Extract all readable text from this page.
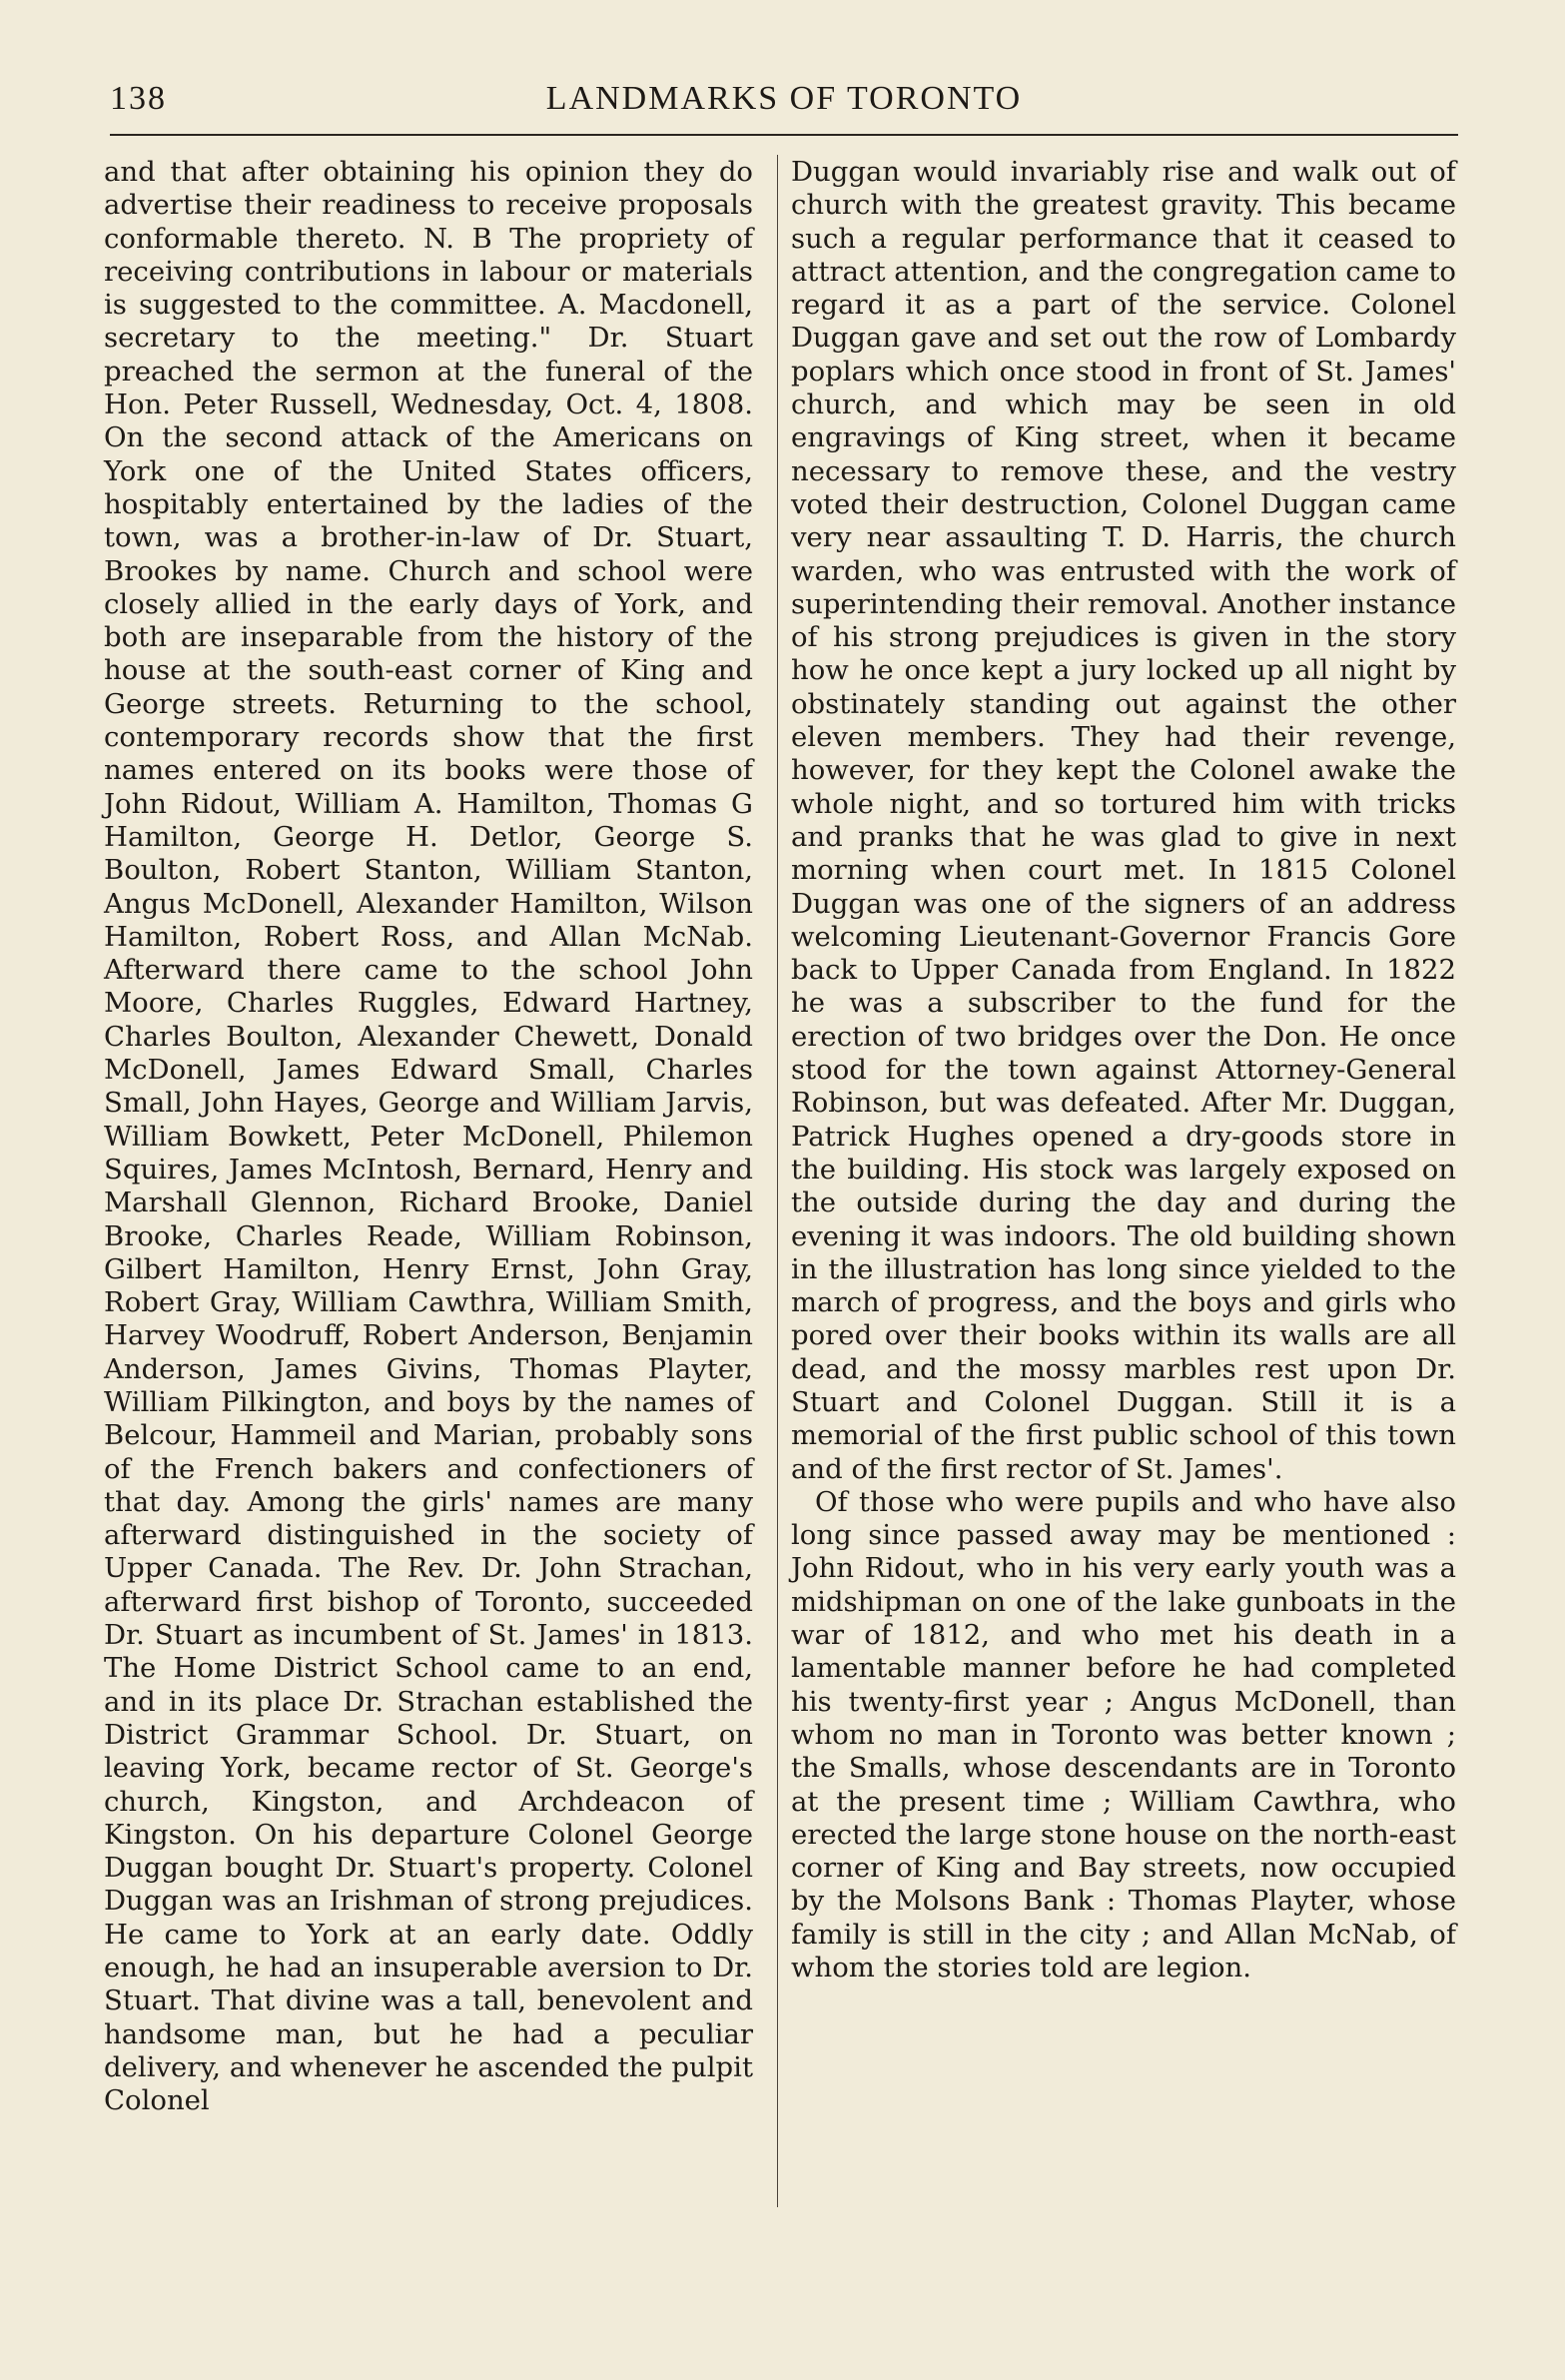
138	LANDMARKS OF TORONTO

and that after obtaining his opinion they do advertise their readiness to receive proposals conformable thereto. N. B The propriety of receiving contributions in labour or materials is suggested to the committee. A. Macdonell, secretary to the meeting." Dr. Stuart preached the sermon at the funeral of the Hon. Peter Russell, Wednesday, Oct. 4, 1808. On the second attack of the Americans on York one of the United States officers, hospitably entertained by the ladies of the town, was a brother-in-law of Dr. Stuart, Brookes by name. Church and school were closely allied in the early days of York, and both are inseparable from the history of the house at the south-east corner of King and George streets. Returning to the school, contemporary records show that the first names entered on its books were those of John Ridout, William A. Hamilton, Thomas G Hamilton, George H. Detlor, George S. Boulton, Robert Stanton, William Stanton, Angus McDonell, Alexander Hamilton, Wilson Hamilton, Robert Ross, and Allan McNab. Afterward there came to the school John Moore, Charles Ruggles, Edward Hartney, Charles Boulton, Alexander Chewett, Donald McDonell, James Edward Small, Charles Small, John Hayes, George and William Jarvis, William Bowkett, Peter McDonell, Philemon Squires, James McIntosh, Bernard, Henry and Marshall Glennon, Richard Brooke, Daniel Brooke, Charles Reade, William Robinson, Gilbert Hamilton, Henry Ernst, John Gray, Robert Gray, William Cawthra, William Smith, Harvey Woodruff, Robert Anderson, Benjamin Anderson, James Givins, Thomas Playter, William Pilkington, and boys by the names of Belcour, Hammeil and Marian, probably sons of the French bakers and confectioners of that day. Among the girls' names are many afterward distinguished in the society of Upper Canada. The Rev. Dr. John Strachan, afterward first bishop of Toronto, succeeded Dr. Stuart as incumbent of St. James' in 1813. The Home District School came to an end, and in its place Dr. Strachan established the District Grammar School. Dr. Stuart, on leaving York, became rector of St. George's church, Kingston, and Archdeacon of Kingston. On his departure Colonel George Duggan bought Dr. Stuart's property. Colonel Duggan was an Irishman of strong prejudices. He came to York at an early date. Oddly enough, he had an insuperable aversion to Dr. Stuart. That divine was a tall, benevolent and handsome man, but he had a peculiar delivery, and whenever he ascended the pulpit Colonel

Duggan would invariably rise and walk out of church with the greatest gravity. This became such a regular performance that it ceased to attract attention, and the congregation came to regard it as a part of the service. Colonel Duggan gave and set out the row of Lombardy poplars which once stood in front of St. James' church, and which may be seen in old engravings of King street, when it became necessary to remove these, and the vestry voted their destruction, Colonel Duggan came very near assaulting T. D. Harris, the church warden, who was entrusted with the work of superintending their removal. Another instance of his strong prejudices is given in the story how he once kept a jury locked up all night by obstinately standing out against the other eleven members. They had their revenge, however, for they kept the Colonel awake the whole night, and so tortured him with tricks and pranks that he was glad to give in next morning when court met. In 1815 Colonel Duggan was one of the signers of an address welcoming Lieutenant-Governor Francis Gore back to Upper Canada from England. In 1822 he was a subscriber to the fund for the erection of two bridges over the Don. He once stood for the town against Attorney-General Robinson, but was defeated. After Mr. Duggan, Patrick Hughes opened a dry-goods store in the building. His stock was largely exposed on the outside during the day and during the evening it was indoors. The old building shown in the illustration has long since yielded to the march of progress, and the boys and girls who pored over their books within its walls are all dead, and the mossy marbles rest upon Dr. Stuart and Colonel Duggan. Still it is a memorial of the first public school of this town and of the first rector of St. James'.

Of those who were pupils and who have also long since passed away may be mentioned : John Ridout, who in his very early youth was a midshipman on one of the lake gunboats in the war of 1812, and who met his death in a lamentable manner before he had completed his twenty-first year ; Angus McDonell, than whom no man in Toronto was better known ; the Smalls, whose descendants are in Toronto at the present time ; William Cawthra, who erected the large stone house on the north-east corner of King and Bay streets, now occupied by the Molsons Bank : Thomas Playter, whose family is still in the city ; and Allan McNab, of whom the stories told are legion.
